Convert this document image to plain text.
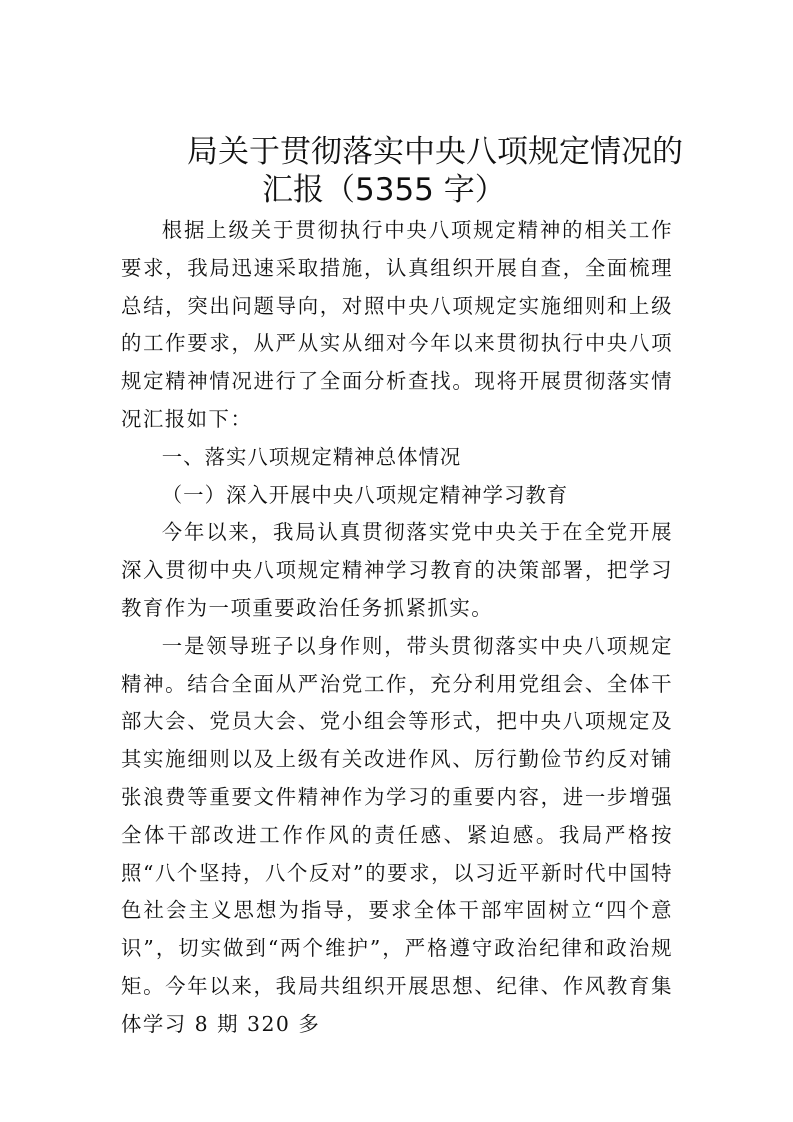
局关于贯彻落实中央八项规定情况的
汇报（5355 字）

根据上级关于贯彻执行中央八项规定精神的相关工作要求，我局迅速采取措施，认真组织开展自查，全面梳理总结，突出问题导向，对照中央八项规定实施细则和上级的工作要求，从严从实从细对今年以来贯彻执行中央八项规定精神情况进行了全面分析查找。现将开展贯彻落实情况汇报如下：

一、落实八项规定精神总体情况

（一）深入开展中央八项规定精神学习教育

今年以来，我局认真贯彻落实党中央关于在全党开展深入贯彻中央八项规定精神学习教育的决策部署，把学习教育作为一项重要政治任务抓紧抓实。

一是领导班子以身作则，带头贯彻落实中央八项规定精神。结合全面从严治党工作，充分利用党组会、全体干部大会、党员大会、党小组会等形式，把中央八项规定及其实施细则以及上级有关改进作风、厉行勤俭节约反对铺张浪费等重要文件精神作为学习的重要内容，进一步增强全体干部改进工作作风的责任感、紧迫感。我局严格按照“八个坚持，八个反对”的要求，以习近平新时代中国特色社会主义思想为指导，要求全体干部牢固树立“四个意识”，切实做到“两个维护”，严格遵守政治纪律和政治规矩。今年以来，我局共组织开展思想、纪律、作风教育集体学习 8 期 320 多
